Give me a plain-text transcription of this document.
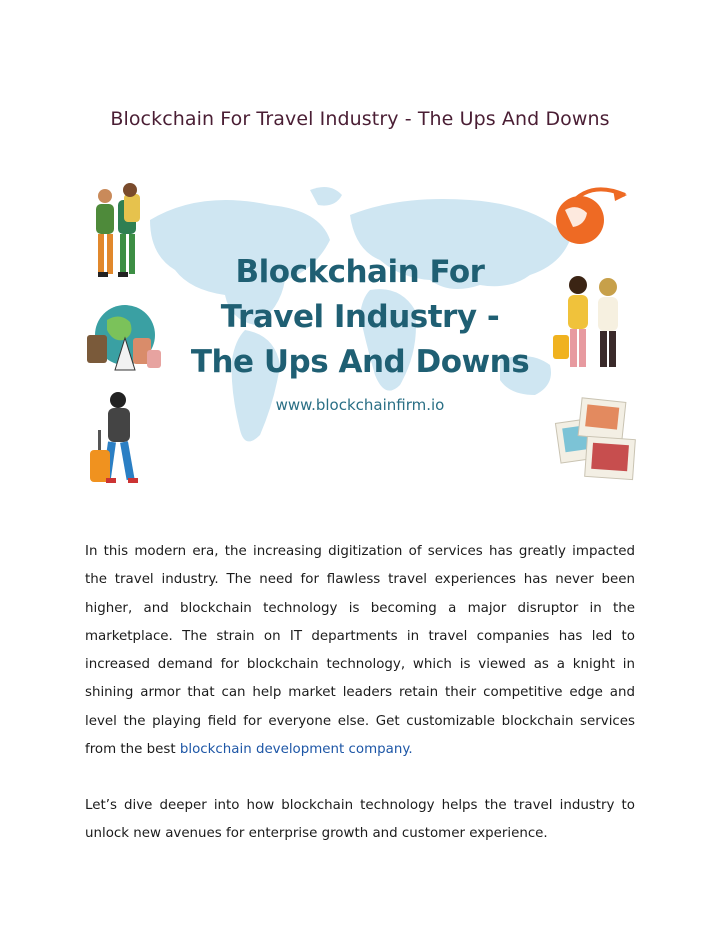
Blockchain For Travel Industry - The Ups And Downs
Blockchain For
Travel Industry -
The Ups And Downs
www.blockchainfirm.io
In this modern era, the increasing digitization of services has greatly impacted the travel industry. The need for flawless travel experiences has never been higher, and blockchain technology is becoming a major disruptor in the marketplace. The strain on IT departments in travel companies has led to increased demand for blockchain technology, which is viewed as a knight in shining armor that can help market leaders retain their competitive edge and level the playing field for everyone else. Get customizable blockchain services from the best blockchain development company.
Let’s dive deeper into how blockchain technology helps the travel industry to unlock new avenues for enterprise growth and customer experience.
